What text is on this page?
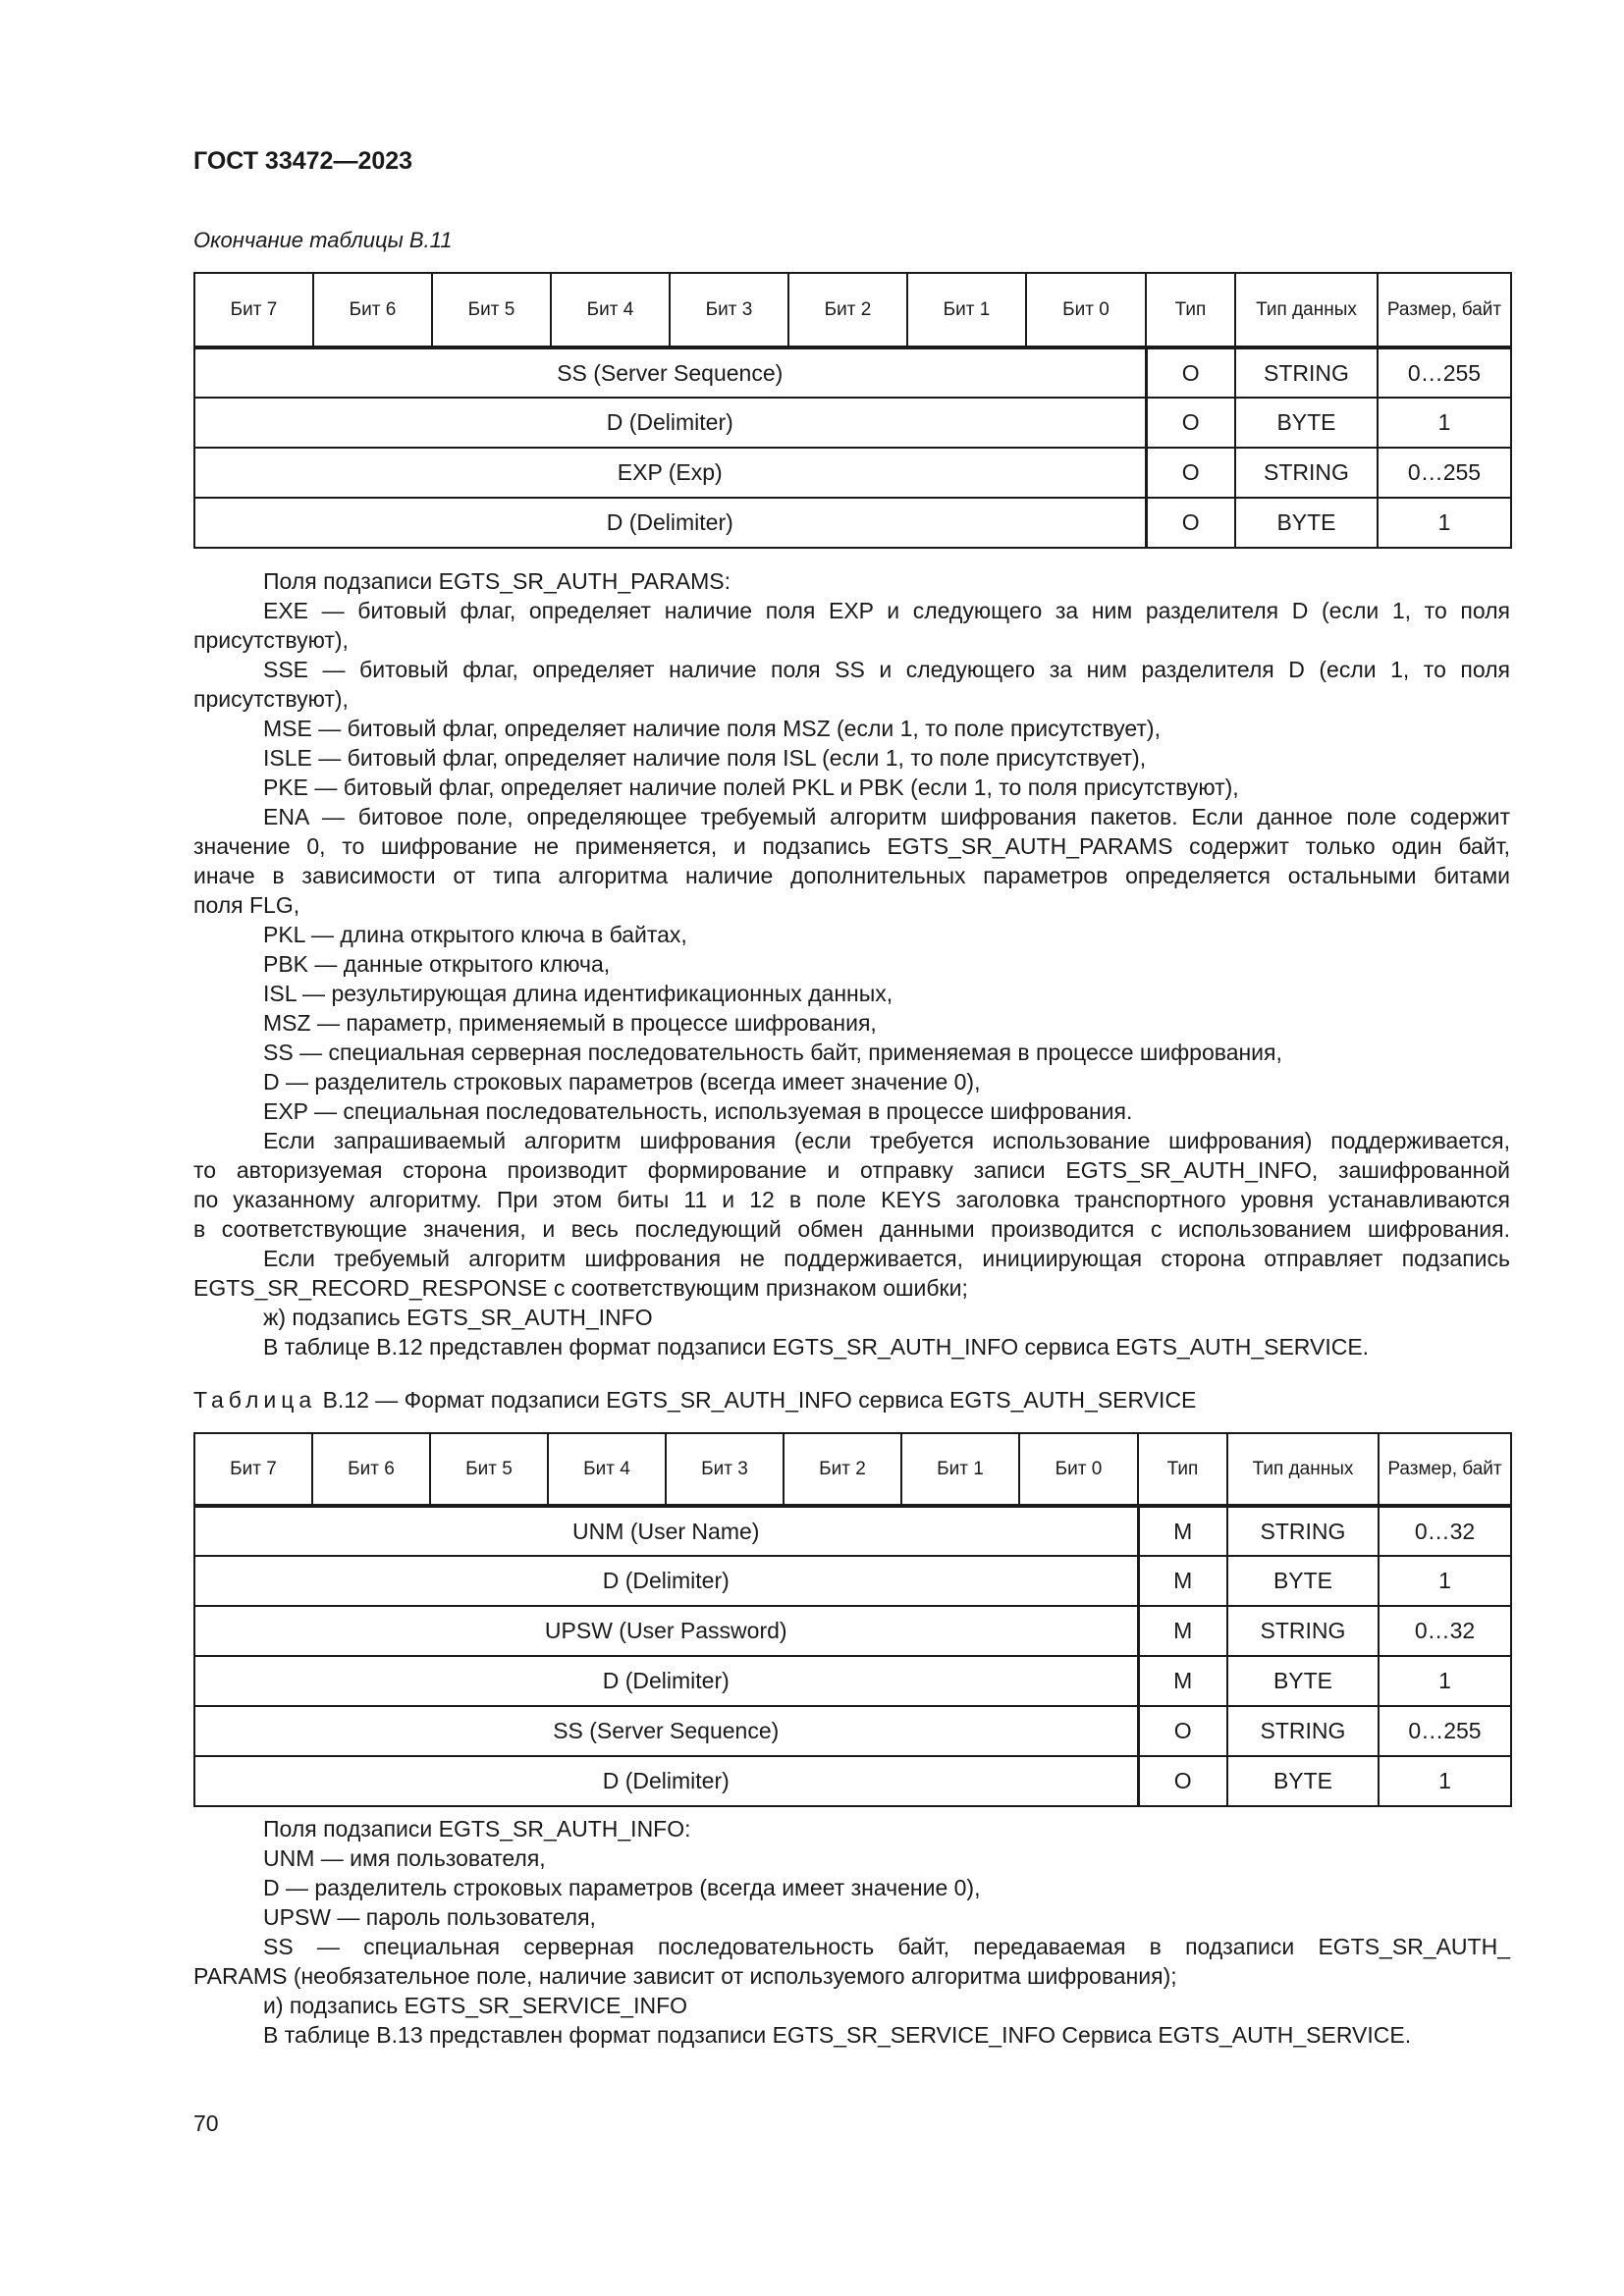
ГОСТ 33472—2023
Окончание таблицы В.11
Бит 7	Бит 6	Бит 5	Бит 4	Бит 3	Бит 2	Бит 1	Бит 0	Тип	Тип данных	Размер, байт
SS (Server Sequence)								O	STRING	0…255
D (Delimiter)								O	BYTE	1
EXP (Exp)								O	STRING	0…255
D (Delimiter)								O	BYTE	1
Поля подзаписи EGTS_SR_AUTH_PARAMS:
EXE — битовый флаг, определяет наличие поля EXP и следующего за ним разделителя D (если 1, то поля
присутствуют),
SSE — битовый флаг, определяет наличие поля SS и следующего за ним разделителя D (если 1, то поля
присутствуют),
MSE — битовый флаг, определяет наличие поля MSZ (если 1, то поле присутствует),
ISLE — битовый флаг, определяет наличие поля ISL (если 1, то поле присутствует),
PKE — битовый флаг, определяет наличие полей PKL и PBK (если 1, то поля присутствуют),
ENA — битовое поле, определяющее требуемый алгоритм шифрования пакетов. Если данное поле содержит
значение 0, то шифрование не применяется, и подзапись EGTS_SR_AUTH_PARAMS содержит только один байт,
иначе в зависимости от типа алгоритма наличие дополнительных параметров определяется остальными битами
поля FLG,
PKL — длина открытого ключа в байтах,
PBK — данные открытого ключа,
ISL — результирующая длина идентификационных данных,
MSZ — параметр, применяемый в процессе шифрования,
SS — специальная серверная последовательность байт, применяемая в процессе шифрования,
D — разделитель строковых параметров (всегда имеет значение 0),
EXP — специальная последовательность, используемая в процессе шифрования.
Если запрашиваемый алгоритм шифрования (если требуется использование шифрования) поддерживается,
то авторизуемая сторона производит формирование и отправку записи EGTS_SR_AUTH_INFO, зашифрованной
по указанному алгоритму. При этом биты 11 и 12 в поле KEYS заголовка транспортного уровня устанавливаются
в соответствующие значения, и весь последующий обмен данными производится с использованием шифрования.
Если требуемый алгоритм шифрования не поддерживается, инициирующая сторона отправляет подзапись
EGTS_SR_RECORD_RESPONSE с соответствующим признаком ошибки;
ж) подзапись EGTS_SR_AUTH_INFO
В таблице В.12 представлен формат подзаписи EGTS_SR_AUTH_INFO сервиса EGTS_AUTH_SERVICE.
Таблица В.12 — Формат подзаписи EGTS_SR_AUTH_INFO сервиса EGTS_AUTH_SERVICE
Бит 7	Бит 6	Бит 5	Бит 4	Бит 3	Бит 2	Бит 1	Бит 0	Тип	Тип данных	Размер, байт
UNM (User Name)								M	STRING	0…32
D (Delimiter)								M	BYTE	1
UPSW (User Password)								M	STRING	0…32
D (Delimiter)								M	BYTE	1
SS (Server Sequence)								O	STRING	0…255
D (Delimiter)								O	BYTE	1
Поля подзаписи EGTS_SR_AUTH_INFO:
UNM — имя пользователя,
D — разделитель строковых параметров (всегда имеет значение 0),
UPSW — пароль пользователя,
SS — специальная серверная последовательность байт, передаваемая в подзаписи EGTS_SR_AUTH_
PARAMS (необязательное поле, наличие зависит от используемого алгоритма шифрования);
и) подзапись EGTS_SR_SERVICE_INFO
В таблице В.13 представлен формат подзаписи EGTS_SR_SERVICE_INFO Сервиса EGTS_AUTH_SERVICE.
70
